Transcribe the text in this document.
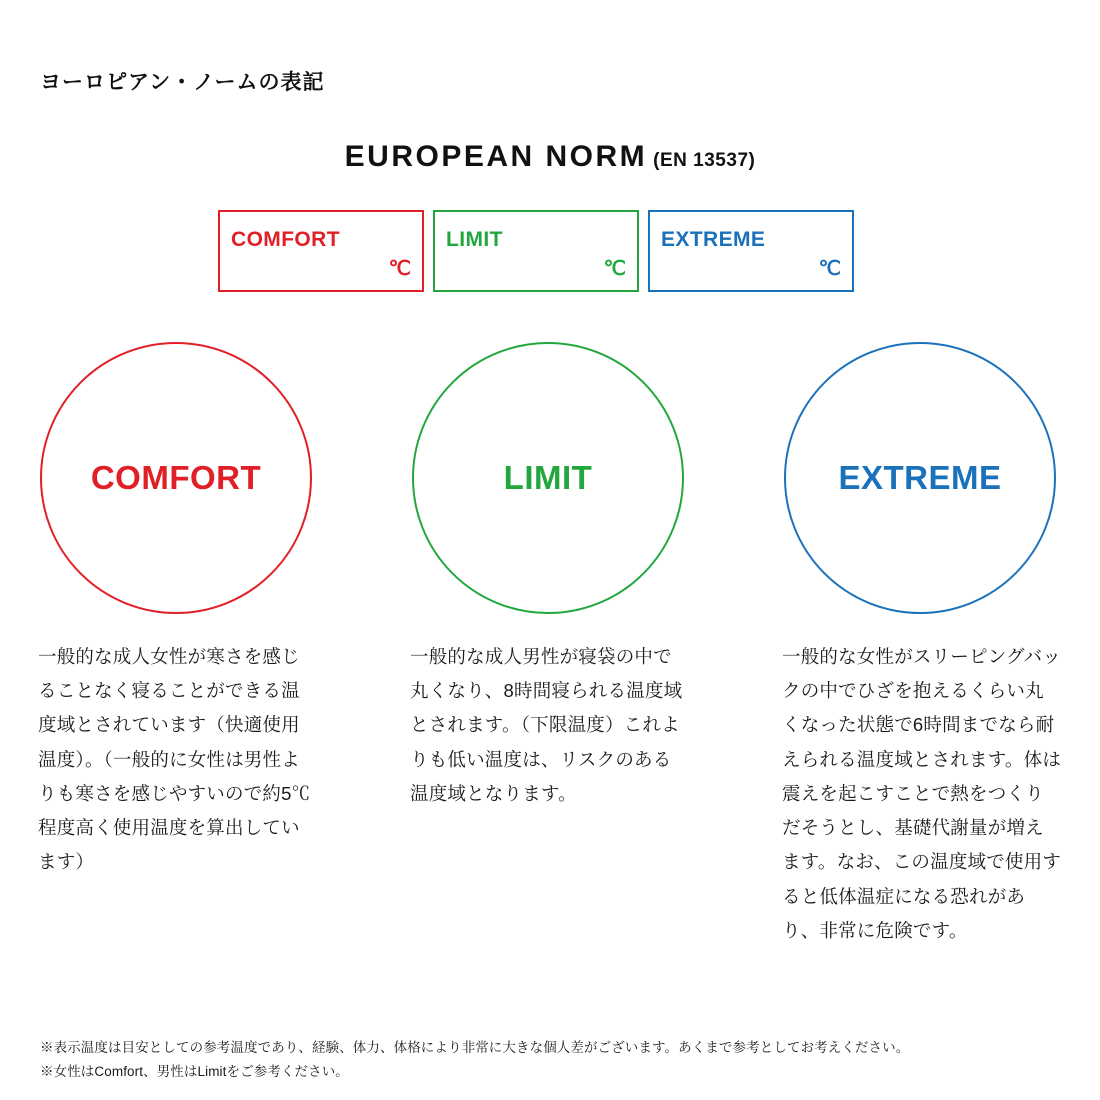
ヨーロピアン・ノームの表記
EUROPEAN NORM (EN 13537)
COMFORT
℃
LIMIT
℃
EXTREME
℃
COMFORT	LIMIT	EXTREME
一般的な成人女性が寒さを感じることなく寝ることができる温度域とされています（快適使用温度）。（一般的に女性は男性よりも寒さを感じやすいので約5℃程度高く使用温度を算出しています）
一般的な成人男性が寝袋の中で丸くなり、8時間寝られる温度域とされます。（下限温度）これよりも低い温度は、リスクのある温度域となります。
一般的な女性がスリーピングバックの中でひざを抱えるくらい丸くなった状態で6時間までなら耐えられる温度域とされます。体は震えを起こすことで熱をつくりだそうとし、基礎代謝量が増えます。なお、この温度域で使用すると低体温症になる恐れがあり、非常に危険です。
※表示温度は目安としての参考温度であり、経験、体力、体格により非常に大きな個人差がございます。あくまで参考としてお考えください。
※女性はComfort、男性はLimitをご参考ください。
